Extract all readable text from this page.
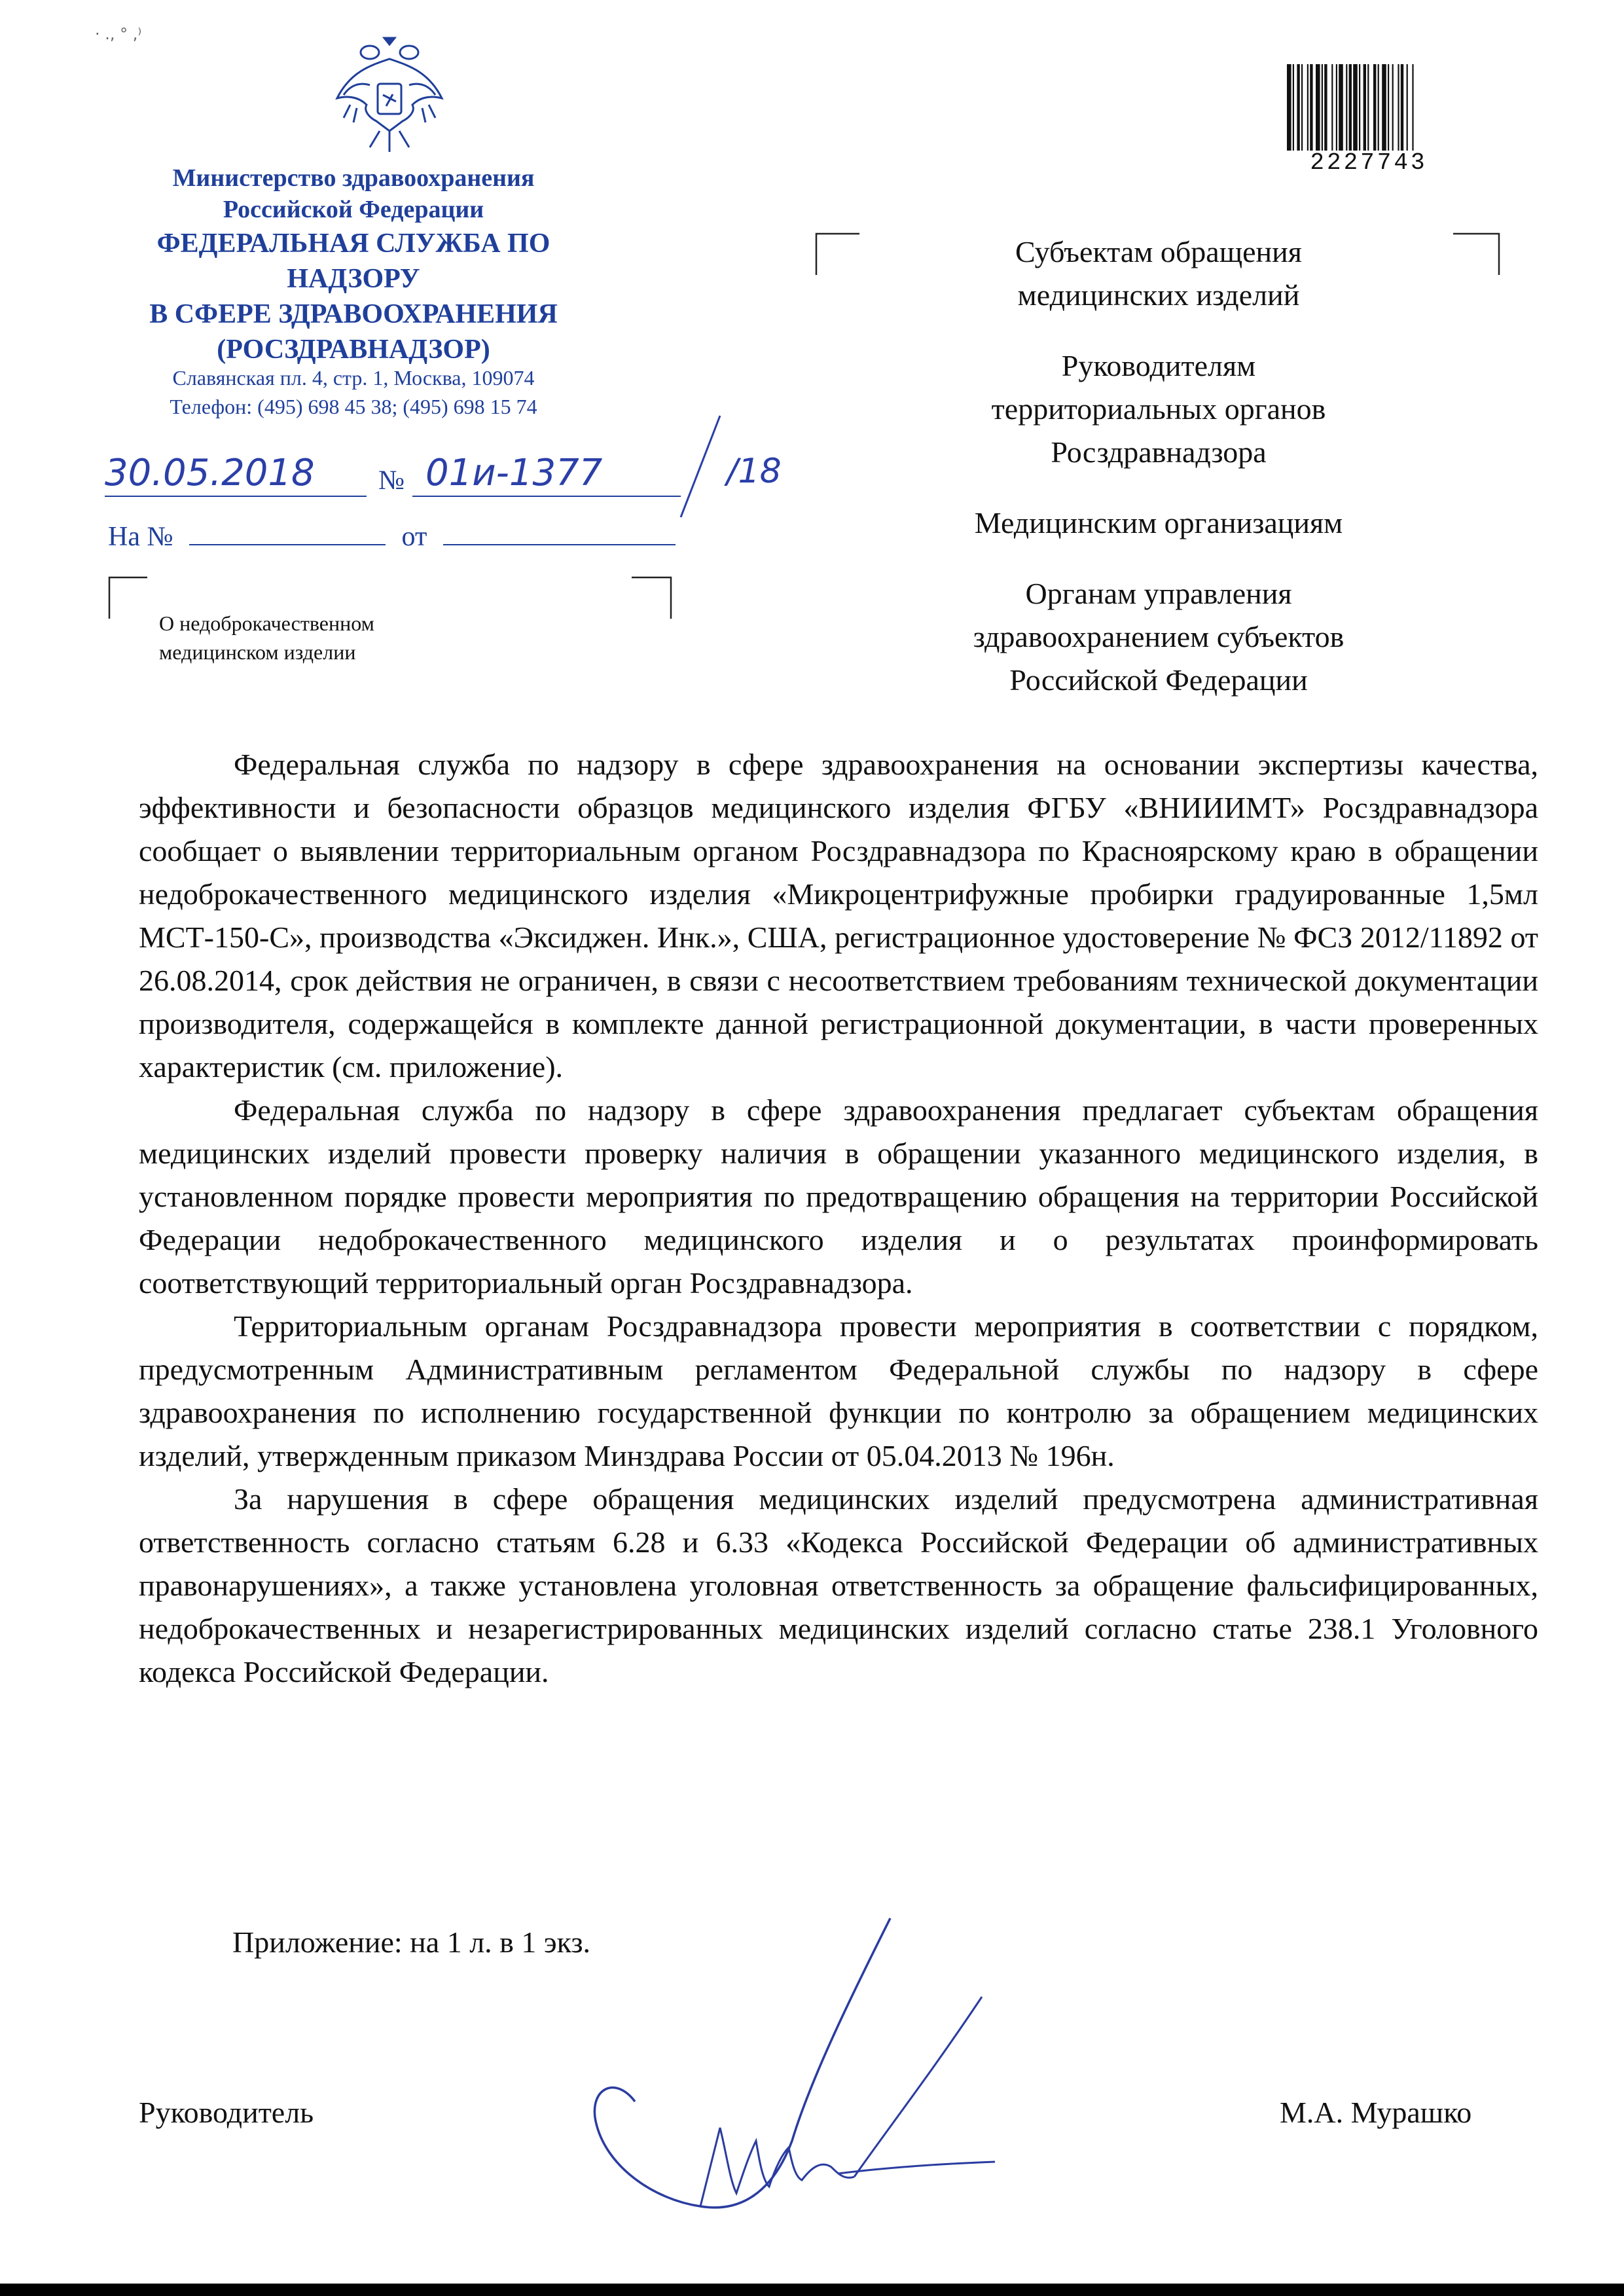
· ., ° ,⁾
Министерство здравоохранения
Российской Федерации
ФЕДЕРАЛЬНАЯ СЛУЖБА ПО НАДЗОРУ
В СФЕРЕ ЗДРАВООХРАНЕНИЯ
(РОСЗДРАВНАДЗОР)
Славянская пл. 4, стр. 1, Москва, 109074
Телефон: (495) 698 45 38; (495) 698 15 74
30.05.2018 № 01и-1377	/18
На №	от
О недоброкачественном
медицинском изделии
2227743
Субъектам обращения
медицинских изделий
Руководителям
территориальных органов
Росздравнадзора
Медицинским организациям
Органам управления
здравоохранением субъектов
Российской Федерации

Федеральная служба по надзору в сфере здравоохранения на основании экспертизы качества, эффективности и безопасности образцов медицинского изделия ФГБУ «ВНИИИМТ» Росздравнадзора сообщает о выявлении территориальным органом Росздравнадзора по Красноярскому краю в обращении недоброкачественного медицинского изделия «Микроцентрифужные пробирки градуированные 1,5мл МСТ-150-С», производства «Эксиджен. Инк.», США, регистрационное удостоверение № ФСЗ 2012/11892 от 26.08.2014, срок действия не ограничен, в связи с несоответствием требованиям технической документации производителя, содержащейся в комплекте данной регистрационной документации, в части проверенных характеристик (см. приложение).

Федеральная служба по надзору в сфере здравоохранения предлагает субъектам обращения медицинских изделий провести проверку наличия в обращении указанного медицинского изделия, в установленном порядке провести мероприятия по предотвращению обращения на территории Российской Федерации недоброкачественного медицинского изделия и о результатах проинформировать соответствующий территориальный орган Росздравнадзора.

Территориальным органам Росздравнадзора провести мероприятия в соответствии с порядком, предусмотренным Административным регламентом Федеральной службы по надзору в сфере здравоохранения по исполнению государственной функции по контролю за обращением медицинских изделий, утвержденным приказом Минздрава России от 05.04.2013 № 196н.

За нарушения в сфере обращения медицинских изделий предусмотрена административная ответственность согласно статьям 6.28 и 6.33 «Кодекса Российской Федерации об административных правонарушениях», а также установлена уголовная ответственность за обращение фальсифицированных, недоброкачественных и незарегистрированных медицинских изделий согласно статье 238.1 Уголовного кодекса Российской Федерации.

Приложение: на 1 л. в 1 экз.
Руководитель	М.А. Мурашко
